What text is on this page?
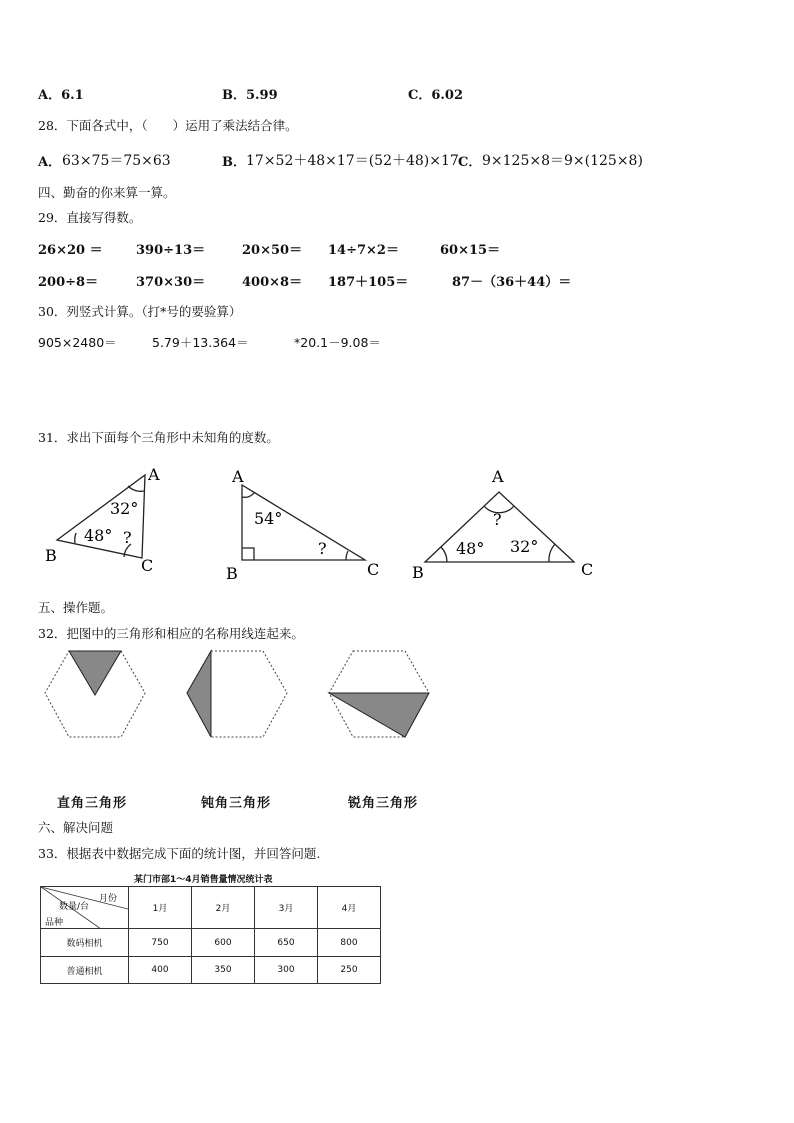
A．6.1	B．5.99	C．6.02
28．下面各式中，（　　）运用了乘法结合律。
A． 63×75＝75×63	B． 17×52＋48×17＝(52＋48)×17 C． 9×125×8＝9×(125×8)
四、勤奋的你来算一算。
29．直接写得数。
26×20 ＝	390÷13＝	20×50＝ 14÷7×2＝	60×15＝
200÷8＝	370×30＝	400×8＝ 187＋105＝	87－（36＋44）＝
30．列竖式计算。（打*号的要验算）
905×2480＝	5.79＋13.364＝	*20.1－9.08＝
31．求出下面每个三角形中未知角的度数。
A
B
C
32°
48° ?
A
B	C
54°
?
A
B	C
?
48° 32°
五、操作题。
32．把图中的三角形和相应的名称用线连起来。
直角三角形	钝角三角形	锐角三角形
六、解决问题
33．根据表中数据完成下面的统计图，并回答问题.
某门市部1～4月销售量情况统计表
月份
数量/台
品种	1月	2月	3月	4月
数码相机	750	600	650	800
普通相机	400	350	300	250
